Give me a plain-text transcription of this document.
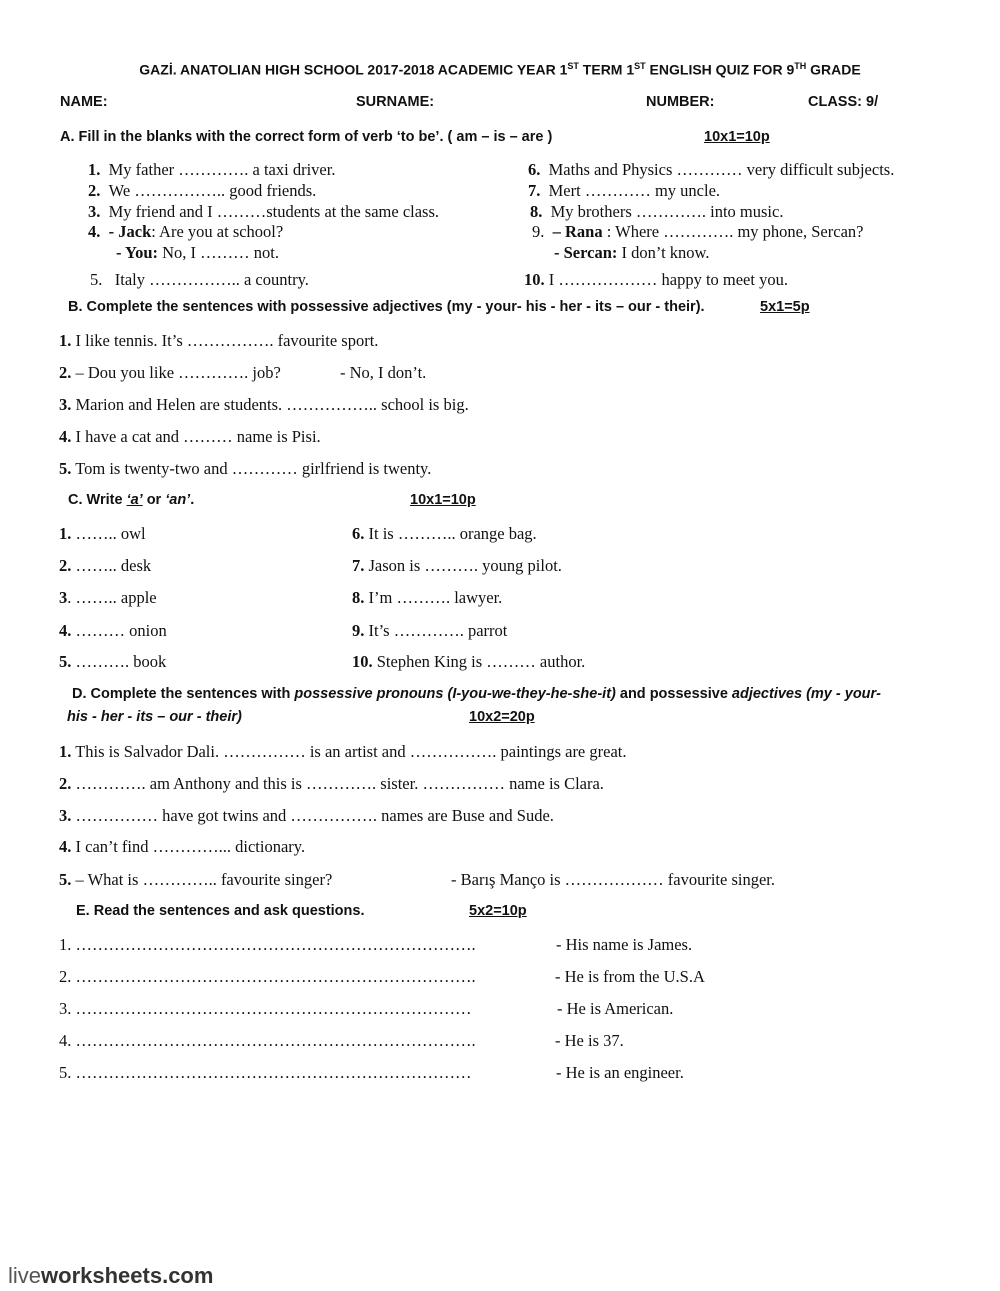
GAZİ. ANATOLIAN HIGH SCHOOL 2017-2018 ACADEMIC YEAR 1ST TERM 1ST ENGLISH QUIZ FOR 9TH GRADE
NAME:	SURNAME:	NUMBER:	CLASS: 9/
A. Fill in the blanks with the correct form of verb ‘to be’. ( am – is – are )	10x1=10p
1. My father …………. a taxi driver.
2. We …………….. good friends.
3. My friend and I ………students at the same class.
4. - Jack: Are you at school?
- You: No, I ……… not.
5. Italy …………….. a country.
6. Maths and Physics ………… very difficult subjects.
7. Mert ………… my uncle.
8. My brothers …………. into music.
9. – Rana : Where …………. my phone, Sercan?
- Sercan: I don’t know.
10. I ……………… happy to meet you.
B. Complete the sentences with possessive adjectives (my - your- his - her - its – our - their).	5x1=5p
1. I like tennis. It’s ……………. favourite sport.
2. – Dou you like …………. job?	- No, I don’t.
3. Marion and Helen are students. …………….. school is big.
4. I have a cat and ……… name is Pisi.
5. Tom is twenty-two and ………… girlfriend is twenty.
C. Write ‘a’ or ‘an’.	10x1=10p
1. …….. owl
2. …….. desk
3. …….. apple
4. ……… onion
5. ………. book
6. It is ……….. orange bag.
7. Jason is ………. young pilot.
8. I’m ………. lawyer.
9. It’s …………. parrot
10. Stephen King is ……… author.
D. Complete the sentences with possessive pronouns (I-you-we-they-he-she-it) and possessive adjectives (my - your-
his - her - its – our - their)	10x2=20p
1. This is Salvador Dali. …………… is an artist and ……………. paintings are great.
2. …………. am Anthony and this is …………. sister. …………… name is Clara.
3. …………… have got twins and ……………. names are Buse and Sude.
4. I can’t find …………... dictionary.
5. – What is ………….. favourite singer?	- Barış Manço is ……………… favourite singer.
E. Read the sentences and ask questions.	5x2=10p
1. ……………………………………………………………….	- His name is James.
2. ……………………………………………………………….	- He is from the U.S.A
3. ………………………………………………………………	- He is American.
4. ……………………………………………………………….	- He is 37.
5. ………………………………………………………………	- He is an engineer.
liveworksheets.com
